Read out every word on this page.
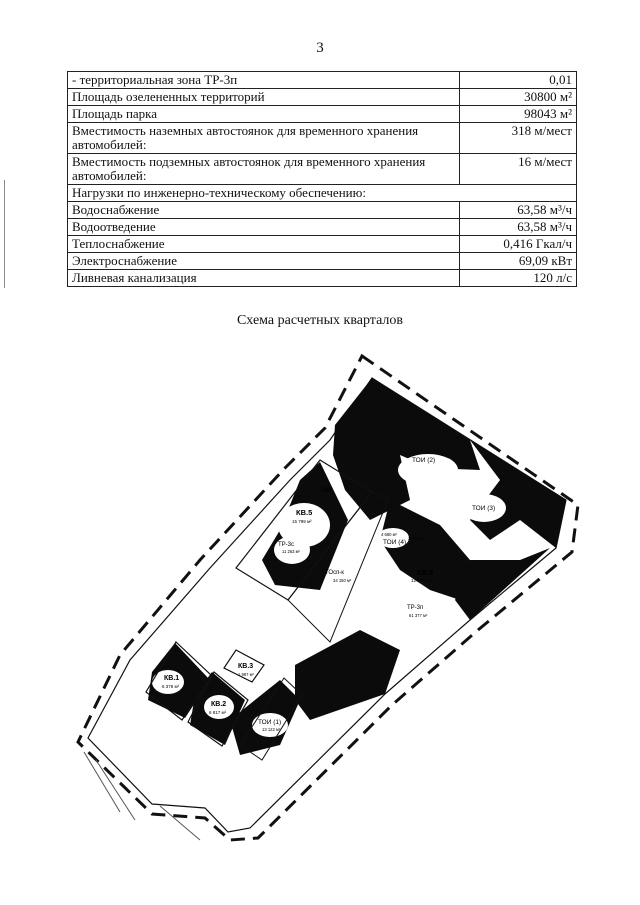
3
- территориальная зона ТР-3п	0,01
Площадь озелененных территорий	30800 м²
Площадь парка	98043 м²
Вместимость наземных автостоянок для временного хранения автомобилей:	318 м/мест
Вместимость подземных автостоянок для временного хранения автомобилей:	16 м/мест
Нагрузки по инженерно-техническому обеспечению:	
Водоснабжение	63,58 м³/ч
Водоотведение	63,58 м³/ч
Теплоснабжение	0,416 Гкал/ч
Электроснабжение	69,09 кВт
Ливневая канализация	120 л/с
Схема расчетных кварталов
ТОИ (2)
ТОИ (3)
ТОИ
КВ.5
15 799 м²
ТР-3с
11 263 м²
4 660 м²
ТОИ (4)
3 440 м²
ТОсп-к
34 150 м²
КВ.6
127 947 м²
ТР-3п
61 377 м²
КВ.1
6 378 м²
КВ.3
1 987 м²
КВ.2
6 817 м²
ТОИ (1)
13 122 м²
